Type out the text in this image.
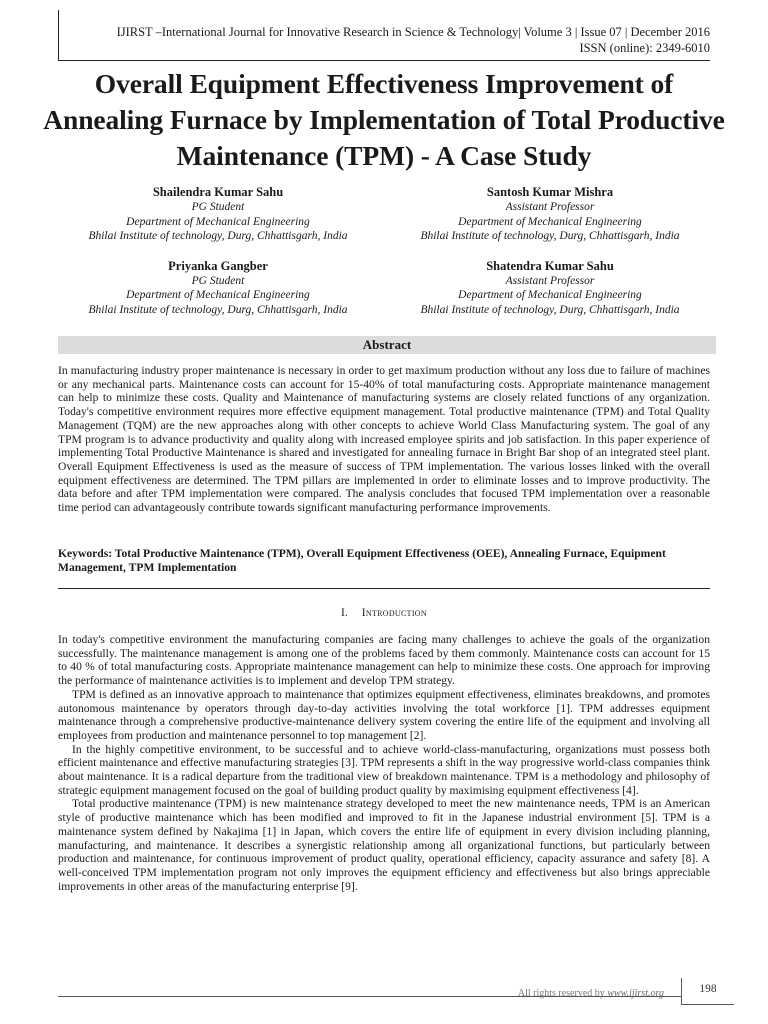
IJIRST –International Journal for Innovative Research in Science & Technology| Volume 3 | Issue 07 | December 2016
ISSN (online): 2349-6010
Overall Equipment Effectiveness Improvement of Annealing Furnace by Implementation of Total Productive Maintenance (TPM) - A Case Study
Shailendra Kumar Sahu
PG Student
Department of Mechanical Engineering
Bhilai Institute of technology, Durg, Chhattisgarh, India
Santosh Kumar Mishra
Assistant Professor
Department of Mechanical Engineering
Bhilai Institute of technology, Durg, Chhattisgarh, India
Priyanka Gangber
PG Student
Department of Mechanical Engineering
Bhilai Institute of technology, Durg, Chhattisgarh, India
Shatendra Kumar Sahu
Assistant Professor
Department of Mechanical Engineering
Bhilai Institute of technology, Durg, Chhattisgarh, India
Abstract
In manufacturing industry proper maintenance is necessary in order to get maximum production without any loss due to failure of machines or any mechanical parts. Maintenance costs can account for 15-40% of total manufacturing costs. Appropriate maintenance management can help to minimize these costs. Quality and Maintenance of manufacturing systems are closely related functions of any organization. Today's competitive environment requires more effective equipment management. Total productive maintenance (TPM) and Total Quality Management (TQM) are the new approaches along with other concepts to achieve World Class Manufacturing system. The goal of any TPM program is to advance productivity and quality along with increased employee spirits and job satisfaction. In this paper experience of implementing Total Productive Maintenance is shared and investigated for annealing furnace in Bright Bar shop of an integrated steel plant. Overall Equipment Effectiveness is used as the measure of success of TPM implementation. The various losses linked with the overall equipment effectiveness are determined. The TPM pillars are implemented in order to eliminate losses and to improve productivity. The data before and after TPM implementation were compared. The analysis concludes that focused TPM implementation over a reasonable time period can advantageously contribute towards significant manufacturing performance improvements.
Keywords: Total Productive Maintenance (TPM), Overall Equipment Effectiveness (OEE), Annealing Furnace, Equipment Management, TPM Implementation
I. Introduction

In today's competitive environment the manufacturing companies are facing many challenges to achieve the goals of the organization successfully. The maintenance management is among one of the problems faced by them commonly. Maintenance costs can account for 15 to 40 % of total manufacturing costs. Appropriate maintenance management can help to minimize these costs. One approach for improving the performance of maintenance activities is to implement and develop TPM strategy.

TPM is defined as an innovative approach to maintenance that optimizes equipment effectiveness, eliminates breakdowns, and promotes autonomous maintenance by operators through day-to-day activities involving the total workforce [1]. TPM addresses equipment maintenance through a comprehensive productive-maintenance delivery system covering the entire life of the equipment and involving all employees from production and maintenance personnel to top management [2].

In the highly competitive environment, to be successful and to achieve world-class-manufacturing, organizations must possess both efficient maintenance and effective manufacturing strategies [3]. TPM represents a shift in the way progressive world-class companies think about maintenance. It is a radical departure from the traditional view of breakdown maintenance. TPM is a methodology and philosophy of strategic equipment management focused on the goal of building product quality by maximising equipment effectiveness [4].

Total productive maintenance (TPM) is new maintenance strategy developed to meet the new maintenance needs, TPM is an American style of productive maintenance which has been modified and improved to fit in the Japanese industrial environment [5]. TPM is a maintenance system defined by Nakajima [1] in Japan, which covers the entire life of equipment in every division including planning, manufacturing, and maintenance. It describes a synergistic relationship among all organizational functions, but particularly between production and maintenance, for continuous improvement of product quality, operational efficiency, capacity assurance and safety [8]. A well-conceived TPM implementation program not only improves the equipment efficiency and effectiveness but also brings appreciable improvements in other areas of the manufacturing enterprise [9].

All rights reserved by www.ijirst.org	198
